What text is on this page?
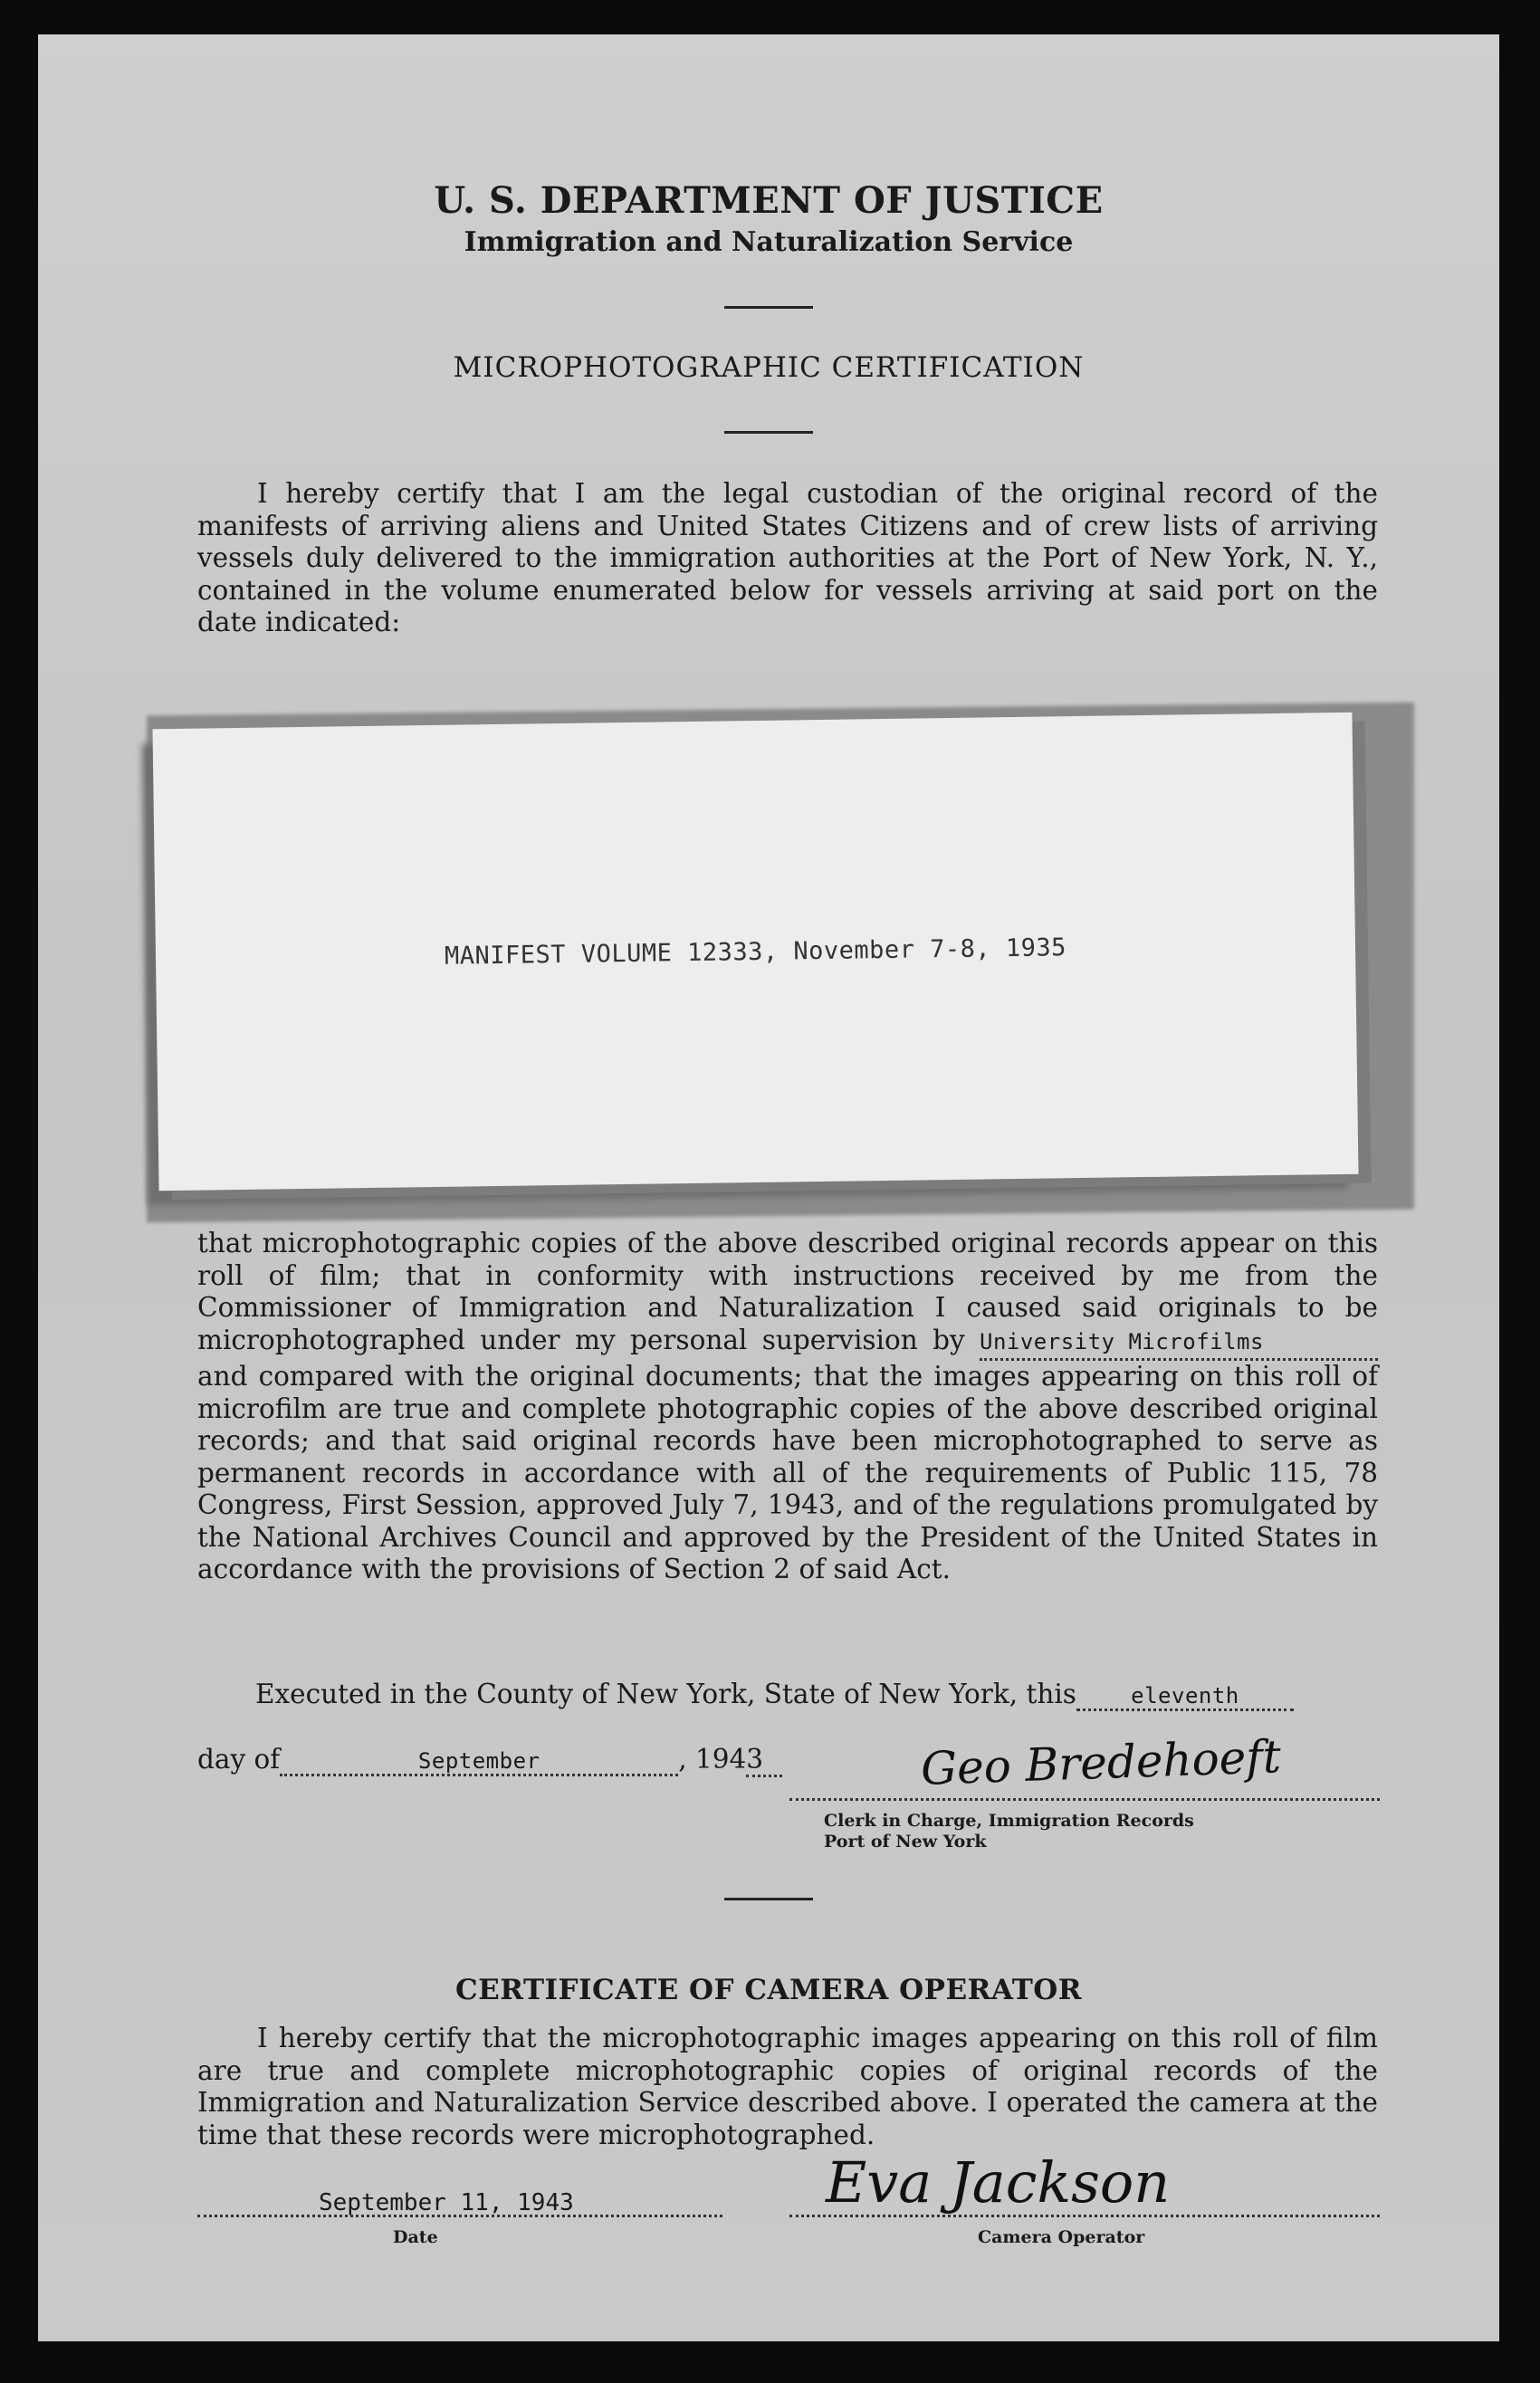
U. S. DEPARTMENT OF JUSTICE
Immigration and Naturalization Service
MICROPHOTOGRAPHIC CERTIFICATION
I hereby certify that I am the legal custodian of the original record of the manifests of arriving aliens and United States Citizens and of crew lists of arriving vessels duly delivered to the immigration authorities at the Port of New York, N. Y., contained in the volume enumerated below for vessels arriving at said port on the date indicated:
MANIFEST VOLUME 12333, November 7-8, 1935
that microphotographic copies of the above described original records appear on this roll of film; that in conformity with instructions received by me from the Commissioner of Immigration and Naturalization I caused said originals to be microphotographed under my personal supervision by University Microfilms and compared with the original documents; that the images appearing on this roll of microfilm are true and complete photographic copies of the above described original records; and that said original records have been microphotographed to serve as permanent records in accordance with all of the requirements of Public 115, 78 Congress, First Session, approved July 7, 1943, and of the regulations promulgated by the National Archives Council and approved by the President of the United States in accordance with the provisions of Section 2 of said Act.
Executed in the County of New York, State of New York, this	eleventh
day of	September	, 1943	Geo Bredehoeft
Clerk in Charge, Immigration Records
Port of New York
CERTIFICATE OF CAMERA OPERATOR
I hereby certify that the microphotographic images appearing on this roll of film are true and complete microphotographic copies of original records of the Immigration and Naturalization Service described above. I operated the camera at the time that these records were microphotographed.
September 11, 1943
Date
Eva Jackson
Camera Operator
